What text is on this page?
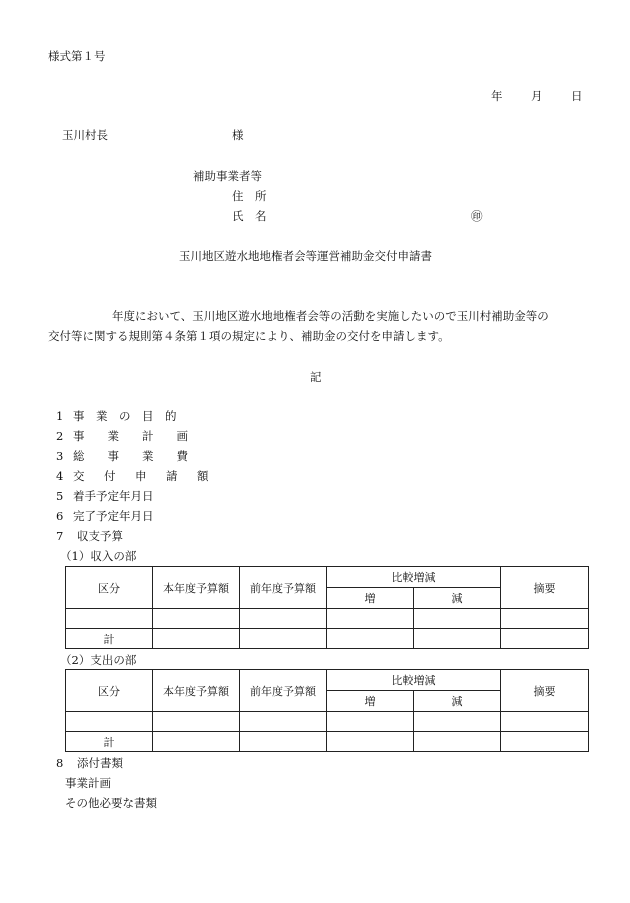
様式第１号
年 月 日
玉川村長	様
補助事業者等
住　所
氏　名	㊞
玉川地区遊水地地権者会等運営補助金交付申請書
年度において、玉川地区遊水地地権者会等の活動を実施したいので玉川村補助金等の
交付等に関する規則第４条第１項の規定により、補助金の交付を申請します。
記
1 事　業　の　目　的
2 事　　業　　計　　画
3 総　　事　　業　　費
4 交　付　申　請　額
5 着手予定年月日
6 完了予定年月日
7 収支予算
（1）収入の部
区分	本年度予算額	前年度予算額	比較増減		摘要
			増	減	

計					
（2）支出の部
区分	本年度予算額	前年度予算額	比較増減		摘要
			増	減	

計					
8 添付書類
事業計画
その他必要な書類
